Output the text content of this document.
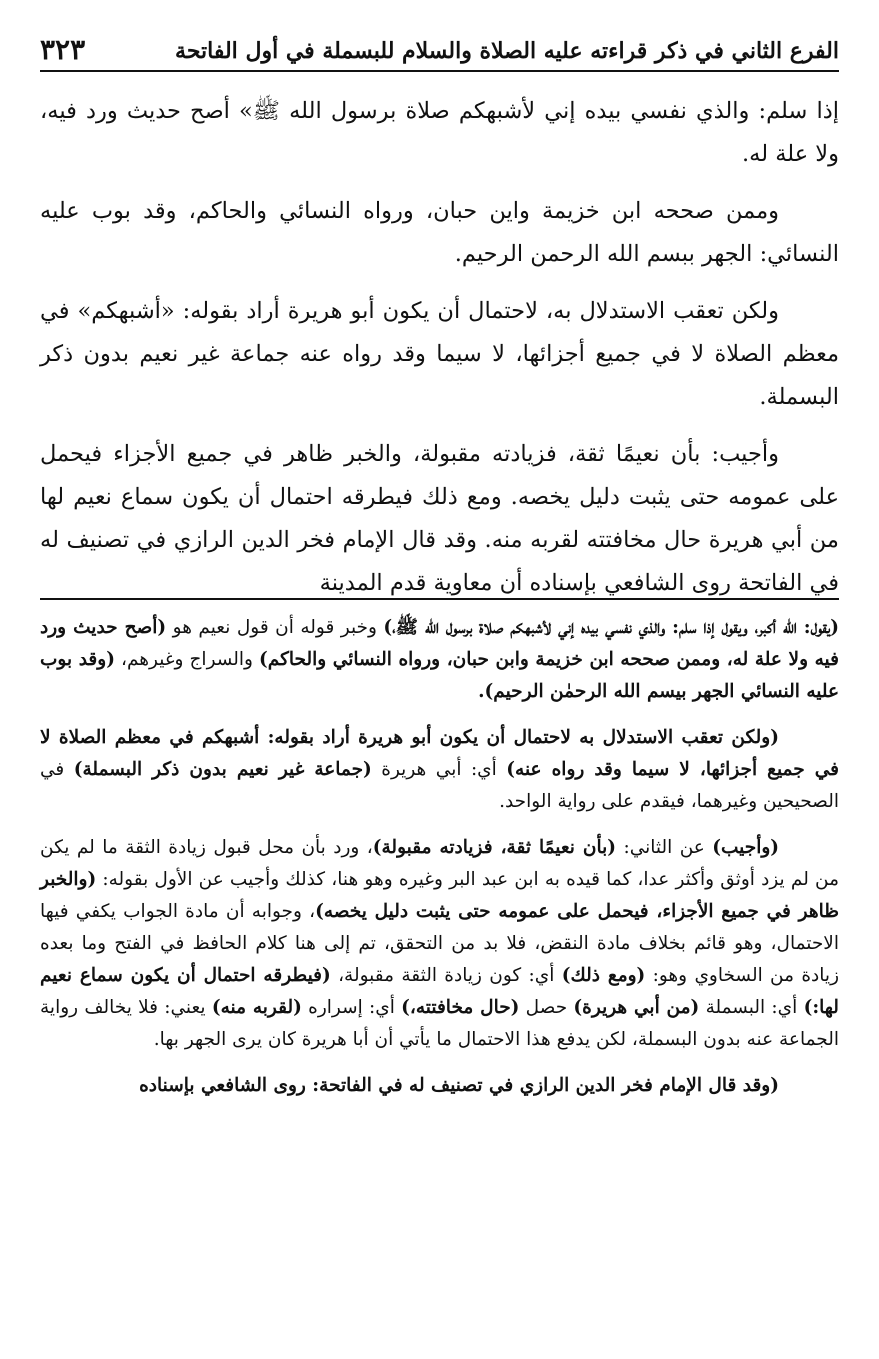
الفرع الثاني في ذكر قراءته عليه الصلاة والسلام للبسملة في أول الفاتحة
٣٢٣

إذا سلم: والذي نفسي بيده إني لأشبهكم صلاة برسول الله ﷺ» أصح حديث ورد فيه، ولا علة له.

وممن صححه ابن خزيمة واين حبان، ورواه النسائي والحاكم، وقد بوب عليه النسائي: الجهر ببسم الله الرحمن الرحيم.

ولكن تعقب الاستدلال به، لاحتمال أن يكون أبو هريرة أراد بقوله: «أشبهكم» في معظم الصلاة لا في جميع أجزائها، لا سيما وقد رواه عنه جماعة غير نعيم بدون ذكر البسملة.

وأجيب: بأن نعيمًا ثقة، فزيادته مقبولة، والخبر ظاهر في جميع الأجزاء فيحمل على عمومه حتى يثبت دليل يخصه. ومع ذلك فيطرقه احتمال أن يكون سماع نعيم لها من أبي هريرة حال مخافتته لقربه منه. وقد قال الإمام فخر الدين الرازي في تصنيف له في الفاتحة روى الشافعي بإسناده أن معاوية قدم المدينة

(يقول: الله أكبر، ويقول إذا سلم: والذي نفسي بيده إني لأشبهكم صلاة برسول الله ﷺ،) وخبر قوله أن قول نعيم هو (أصح حديث ورد فيه ولا علة له، وممن صححه ابن خزيمة وابن حبان، ورواه النسائي والحاكم) والسراج وغيرهم، (وقد بوب عليه النسائي الجهر بيسم الله الرحمٰن الرحيم).

(ولكن تعقب الاستدلال به لاحتمال أن يكون أبو هريرة أراد بقوله: أشبهكم في معظم الصلاة لا في جميع أجزائها، لا سيما وقد رواه عنه) أي: أبي هريرة (جماعة غير نعيم بدون ذكر البسملة) في الصحيحين وغيرهما، فيقدم على رواية الواحد.

(وأجيب) عن الثاني: (بأن نعيمًا ثقة، فزيادته مقبولة)، ورد بأن محل قبول زيادة الثقة ما لم يكن من لم يزد أوثق وأكثر عدا، كما قيده به ابن عبد البر وغيره وهو هنا، كذلك وأجيب عن الأول بقوله: (والخبر ظاهر في جميع الأجزاء، فيحمل على عمومه حتى يثبت دليل يخصه)، وجوابه أن مادة الجواب يكفي فيها الاحتمال، وهو قائم بخلاف مادة النقض، فلا بد من التحقق، تم إلى هنا كلام الحافظ في الفتح وما بعده زيادة من السخاوي وهو: (ومع ذلك) أي: كون زيادة الثقة مقبولة، (فيطرقه احتمال أن يكون سماع نعيم لها:) أي: البسملة (من أبي هريرة) حصل (حال مخافتته،) أي: إسراره (لقربه منه) يعني: فلا يخالف رواية الجماعة عنه بدون البسملة، لكن يدفع هذا الاحتمال ما يأتي أن أبا هريرة كان يرى الجهر بها.

(وقد قال الإمام فخر الدين الرازي في تصنيف له في الفاتحة: روى الشافعي بإسناده
